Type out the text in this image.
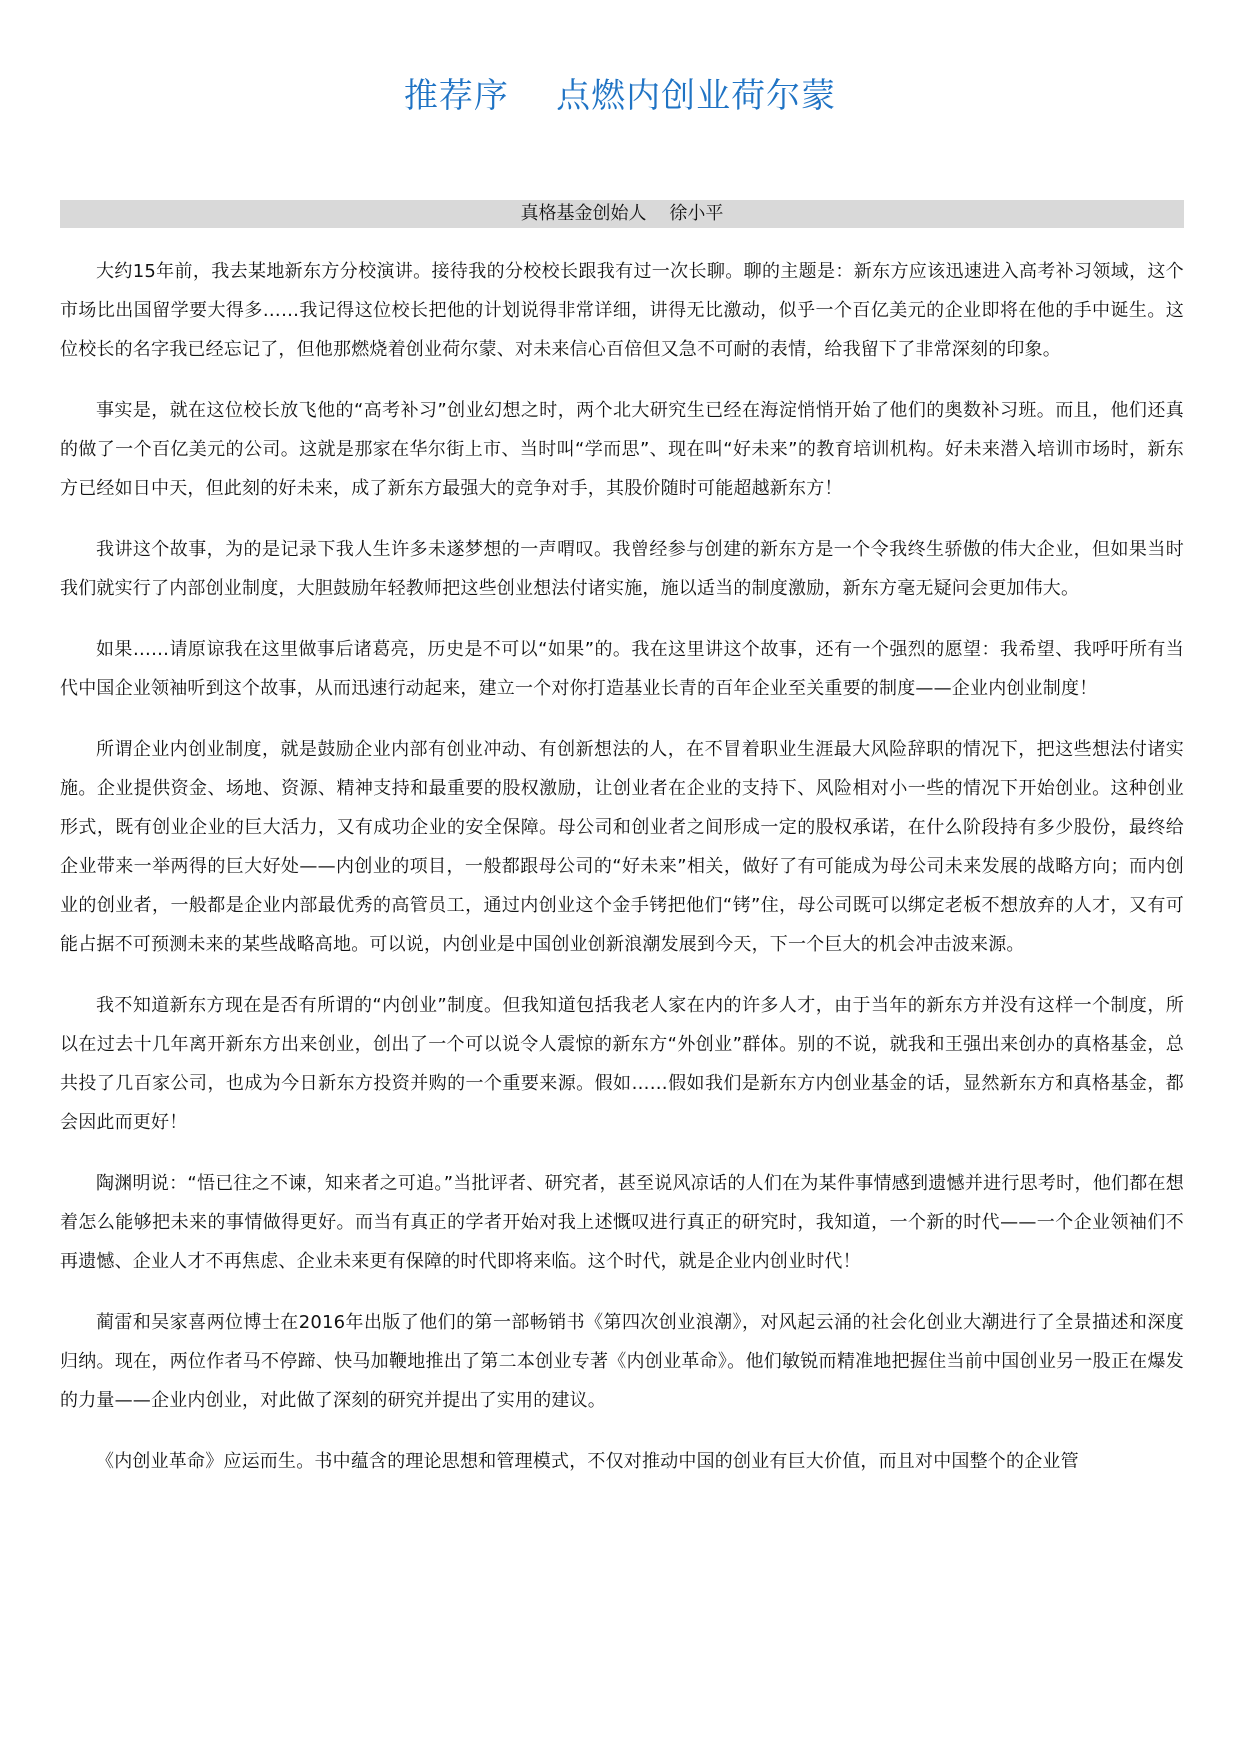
推荐序    点燃内创业荷尔蒙
真格基金创始人    徐小平

大约15年前，我去某地新东方分校演讲。接待我的分校校长跟我有过一次长聊。聊的主题是：新东方应该迅速进入高考补习领域，这个市场比出国留学要大得多……我记得这位校长把他的计划说得非常详细，讲得无比激动，似乎一个百亿美元的企业即将在他的手中诞生。这位校长的名字我已经忘记了，但他那燃烧着创业荷尔蒙、对未来信心百倍但又急不可耐的表情，给我留下了非常深刻的印象。

事实是，就在这位校长放飞他的“高考补习”创业幻想之时，两个北大研究生已经在海淀悄悄开始了他们的奥数补习班。而且，他们还真的做了一个百亿美元的公司。这就是那家在华尔街上市、当时叫“学而思”、现在叫“好未来”的教育培训机构。好未来潜入培训市场时，新东方已经如日中天，但此刻的好未来，成了新东方最强大的竞争对手，其股价随时可能超越新东方！

我讲这个故事，为的是记录下我人生许多未遂梦想的一声喟叹。我曾经参与创建的新东方是一个令我终生骄傲的伟大企业，但如果当时我们就实行了内部创业制度，大胆鼓励年轻教师把这些创业想法付诸实施，施以适当的制度激励，新东方毫无疑问会更加伟大。

如果……请原谅我在这里做事后诸葛亮，历史是不可以“如果”的。我在这里讲这个故事，还有一个强烈的愿望：我希望、我呼吁所有当代中国企业领袖听到这个故事，从而迅速行动起来，建立一个对你打造基业长青的百年企业至关重要的制度——企业内创业制度！

所谓企业内创业制度，就是鼓励企业内部有创业冲动、有创新想法的人，在不冒着职业生涯最大风险辞职的情况下，把这些想法付诸实施。企业提供资金、场地、资源、精神支持和最重要的股权激励，让创业者在企业的支持下、风险相对小一些的情况下开始创业。这种创业形式，既有创业企业的巨大活力，又有成功企业的安全保障。母公司和创业者之间形成一定的股权承诺，在什么阶段持有多少股份，最终给企业带来一举两得的巨大好处——内创业的项目，一般都跟母公司的“好未来”相关，做好了有可能成为母公司未来发展的战略方向；而内创业的创业者，一般都是企业内部最优秀的高管员工，通过内创业这个金手铐把他们“铐”住，母公司既可以绑定老板不想放弃的人才，又有可能占据不可预测未来的某些战略高地。可以说，内创业是中国创业创新浪潮发展到今天，下一个巨大的机会冲击波来源。

我不知道新东方现在是否有所谓的“内创业”制度。但我知道包括我老人家在内的许多人才，由于当年的新东方并没有这样一个制度，所以在过去十几年离开新东方出来创业，创出了一个可以说令人震惊的新东方“外创业”群体。别的不说，就我和王强出来创办的真格基金，总共投了几百家公司，也成为今日新东方投资并购的一个重要来源。假如……假如我们是新东方内创业基金的话，显然新东方和真格基金，都会因此而更好！

陶渊明说：“悟已往之不谏，知来者之可追。”当批评者、研究者，甚至说风凉话的人们在为某件事情感到遗憾并进行思考时，他们都在想着怎么能够把未来的事情做得更好。而当有真正的学者开始对我上述慨叹进行真正的研究时，我知道，一个新的时代——一个企业领袖们不再遗憾、企业人才不再焦虑、企业未来更有保障的时代即将来临。这个时代，就是企业内创业时代！

蔺雷和吴家喜两位博士在2016年出版了他们的第一部畅销书《第四次创业浪潮》，对风起云涌的社会化创业大潮进行了全景描述和深度归纳。现在，两位作者马不停蹄、快马加鞭地推出了第二本创业专著《内创业革命》。他们敏锐而精准地把握住当前中国创业另一股正在爆发的力量——企业内创业，对此做了深刻的研究并提出了实用的建议。

《内创业革命》应运而生。书中蕴含的理论思想和管理模式，不仅对推动中国的创业有巨大价值，而且对中国整个的企业管
